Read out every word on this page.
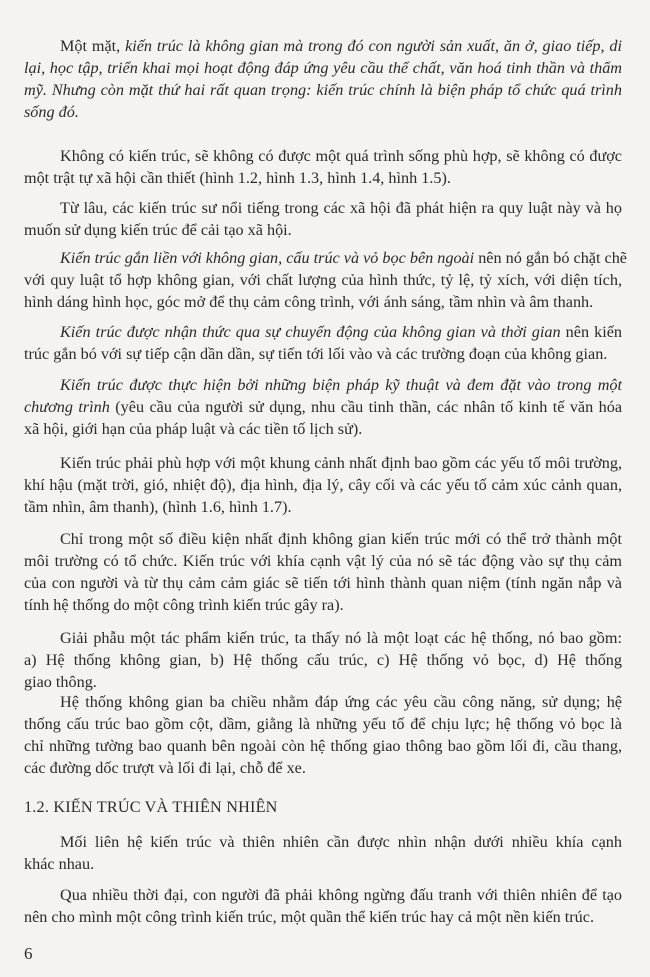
Một mặt, kiến trúc là không gian mà trong đó con người sản xuất, ăn ở, giao tiếp, di
lại, học tập, triển khai mọi hoạt động đáp ứng yêu cầu thể chất, văn hoá tinh thần và thẩm
mỹ. Nhưng còn mặt thứ hai rất quan trọng: kiến trúc chính là biện pháp tổ chức quá trình
sống đó.
Không có kiến trúc, sẽ không có được một quá trình sống phù hợp, sẽ không có được
một trật tự xã hội cần thiết (hình 1.2, hình 1.3, hình 1.4, hình 1.5).
Từ lâu, các kiến trúc sư nổi tiếng trong các xã hội đã phát hiện ra quy luật này và họ
muốn sử dụng kiến trúc để cải tạo xã hội.
Kiến trúc gắn liền với không gian, cấu trúc và vỏ bọc bên ngoài nên nó gắn bó chặt chẽ
với quy luật tổ hợp không gian, với chất lượng của hình thức, tỷ lệ, tỷ xích, với diện tích,
hình dáng hình học, góc mở để thụ cảm công trình, với ánh sáng, tầm nhìn và âm thanh.
Kiến trúc được nhận thức qua sự chuyển động của không gian và thời gian nên kiến
trúc gắn bó với sự tiếp cận dần dần, sự tiến tới lối vào và các trường đoạn của không gian.
Kiến trúc được thực hiện bởi những biện pháp kỹ thuật và đem đặt vào trong một
chương trình (yêu cầu của người sử dụng, nhu cầu tinh thần, các nhân tố kinh tế văn hóa
xã hội, giới hạn của pháp luật và các tiền tố lịch sử).
Kiến trúc phải phù hợp với một khung cảnh nhất định bao gồm các yếu tố môi trường,
khí hậu (mặt trời, gió, nhiệt độ), địa hình, địa lý, cây cối và các yếu tố cảm xúc cảnh quan,
tầm nhìn, âm thanh), (hình 1.6, hình 1.7).
Chỉ trong một số điều kiện nhất định không gian kiến trúc mới có thể trở thành một
môi trường có tổ chức. Kiến trúc với khía cạnh vật lý của nó sẽ tác động vào sự thụ cảm
của con người và từ thụ cảm cảm giác sẽ tiến tới hình thành quan niệm (tính ngăn nắp và
tính hệ thống do một công trình kiến trúc gây ra).
Giải phẫu một tác phẩm kiến trúc, ta thấy nó là một loạt các hệ thống, nó bao gồm:
a) Hệ thống không gian, b) Hệ thống cấu trúc, c) Hệ thống vỏ bọc, d) Hệ thống
giao thông.
Hệ thống không gian ba chiều nhằm đáp ứng các yêu cầu công năng, sử dụng; hệ
thống cấu trúc bao gồm cột, dầm, giằng là những yếu tố để chịu lực; hệ thống vỏ bọc là
chỉ những tường bao quanh bên ngoài còn hệ thống giao thông bao gồm lối đi, cầu thang,
các đường dốc trượt và lối đi lại, chỗ để xe.

1.2. KIẾN TRÚC VÀ THIÊN NHIÊN

Mối liên hệ kiến trúc và thiên nhiên cần được nhìn nhận dưới nhiều khía cạnh
khác nhau.
Qua nhiều thời đại, con người đã phải không ngừng đấu tranh với thiên nhiên để tạo
nên cho mình một công trình kiến trúc, một quần thể kiến trúc hay cả một nền kiến trúc.

6
